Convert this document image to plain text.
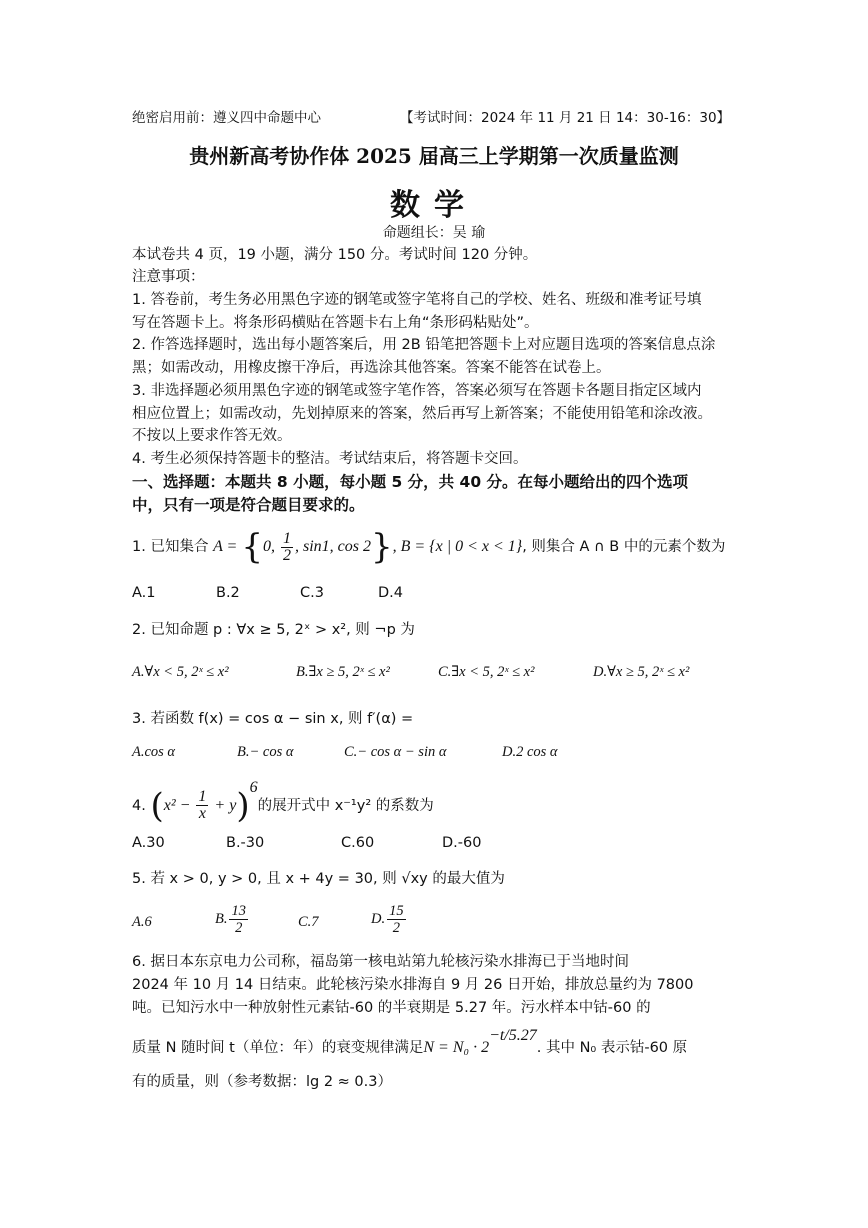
绝密启用前：遵义四中命题中心	【考试时间：2024 年 11 月 21 日 14：30-16：30】
贵州新高考协作体 2025 届高三上学期第一次质量监测
数学
命题组长：吴 瑜
本试卷共 4 页，19 小题，满分 150 分。考试时间 120 分钟。
注意事项：
1. 答卷前，考生务必用黑色字迹的钢笔或签字笔将自己的学校、姓名、班级和准考证号填
写在答题卡上。将条形码横贴在答题卡右上角“条形码粘贴处”。
2. 作答选择题时，选出每小题答案后，用 2B 铅笔把答题卡上对应题目选项的答案信息点涂
黑；如需改动，用橡皮擦干净后，再选涂其他答案。答案不能答在试卷上。
3. 非选择题必须用黑色字迹的钢笔或签字笔作答，答案必须写在答题卡各题目指定区域内
相应位置上；如需改动，先划掉原来的答案，然后再写上新答案；不能使用铅笔和涂改液。
不按以上要求作答无效。
4. 考生必须保持答题卡的整洁。考试结束后，将答题卡交回。
一、选择题：本题共 8 小题，每小题 5 分，共 40 分。在每小题给出的四个选项
中，只有一项是符合题目要求的。
1. 已知集合 A = {0, $\frac{1}{2}$ , sin1, cos 2}, B = {x | 0 < x < 1}, 则集合 A ∩ B 中的元素个数为
A.1	B.2	C.3	D.4
2. 已知命题 p : ∀x ≥ 5, 2ˣ > x², 则 ¬p 为
A.∀x < 5, 2ˣ ≤ x²	B.∃x ≥ 5, 2ˣ ≤ x²	C.∃x < 5, 2ˣ ≤ x²	D.∀x ≥ 5, 2ˣ ≤ x²
3. 若函数 f(x) = cos α − sin x, 则 f′(α) =
A.cos α	B.− cos α	C.− cos α − sin α	D.2 cos α
4. $(x^2 - \frac{1}{x} + y)^6$的展开式中 x⁻¹y² 的系数为
A.30	B.-30	C.60	D.-60
5. 若 x > 0, y > 0, 且 x + 4y = 30, 则 √xy 的最大值为
A.6	B. $\frac{13}{2}$	C.7	D. $\frac{15}{2}$
6. 据日本东京电力公司称，福岛第一核电站第九轮核污染水排海已于当地时间
2024 年 10 月 14 日结束。此轮核污染水排海自 9 月 26 日开始，排放总量约为 7800
吨。已知污水中一种放射性元素钴-60 的半衰期是 5.27 年。污水样本中钴-60 的
质量 N 随时间 t（单位：年）的衰变规律满足$N = N_0 \cdot 2^{-t/5.27}$. 其中 N₀ 表示钴-60 原
有的质量，则（参考数据：lg 2 ≈ 0.3）
